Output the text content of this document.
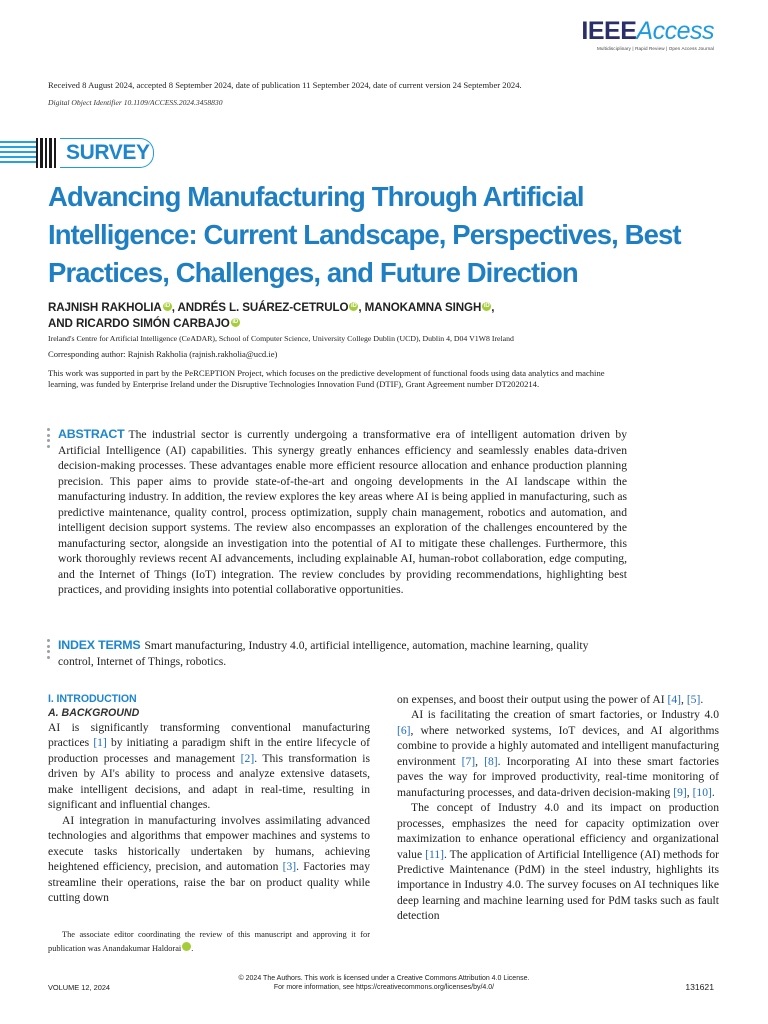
IEEEAccess
Multidisciplinary | Rapid Review | Open Access Journal
Received 8 August 2024, accepted 8 September 2024, date of publication 11 September 2024, date of current version 24 September 2024.
Digital Object Identifier 10.1109/ACCESS.2024.3458830
SURVEY
Advancing Manufacturing Through Artificial Intelligence: Current Landscape, Perspectives, Best Practices, Challenges, and Future Direction
RAJNISH RAKHOLIA iD , ANDRÉS L. SUÁREZ-CETRULO iD , MANOKAMNA SINGH iD ,
AND RICARDO SIMÓN CARBAJO iD
Ireland's Centre for Artificial Intelligence (CeADAR), School of Computer Science, University College Dublin (UCD), Dublin 4, D04 V1W8 Ireland
Corresponding author: Rajnish Rakholia (rajnish.rakholia@ucd.ie)
This work was supported in part by the PeRCEPTION Project, which focuses on the predictive development of functional foods using data analytics and machine learning, was funded by Enterprise Ireland under the Disruptive Technologies Innovation Fund (DTIF), Grant Agreement number DT2020214.
ABSTRACT The industrial sector is currently undergoing a transformative era of intelligent automation driven by Artificial Intelligence (AI) capabilities. This synergy greatly enhances efficiency and seamlessly enables data-driven decision-making processes. These advantages enable more efficient resource allocation and enhance production planning precision. This paper aims to provide state-of-the-art and ongoing developments in the AI landscape within the manufacturing industry. In addition, the review explores the key areas where AI is being applied in manufacturing, such as predictive maintenance, quality control, process optimization, supply chain management, robotics and automation, and intelligent decision support systems. The review also encompasses an exploration of the challenges encountered by the manufacturing sector, alongside an investigation into the potential of AI to mitigate these challenges. Furthermore, this work thoroughly reviews recent AI advancements, including explainable AI, human-robot collaboration, edge computing, and the Internet of Things (IoT) integration. The review concludes by providing recommendations, highlighting best practices, and providing insights into potential collaborative opportunities.
INDEX TERMS Smart manufacturing, Industry 4.0, artificial intelligence, automation, machine learning, quality control, Internet of Things, robotics.
I. INTRODUCTION
A. BACKGROUND

AI is significantly transforming conventional manufacturing practices [1] by initiating a paradigm shift in the entire lifecycle of production processes and management [2]. This transformation is driven by AI's ability to process and analyze extensive datasets, make intelligent decisions, and adapt in real-time, resulting in significant and influential changes.

AI integration in manufacturing involves assimilating advanced technologies and algorithms that empower machines and systems to execute tasks historically undertaken by humans, achieving heightened efficiency, precision, and automation [3]. Factories may streamline their operations, raise the bar on product quality while cutting down

on expenses, and boost their output using the power of AI [4], [5].

AI is facilitating the creation of smart factories, or Industry 4.0 [6], where networked systems, IoT devices, and AI algorithms combine to provide a highly automated and intelligent manufacturing environment [7], [8]. Incorporating AI into these smart factories paves the way for improved productivity, real-time monitoring of manufacturing processes, and data-driven decision-making [9], [10].

The concept of Industry 4.0 and its impact on production processes, emphasizes the need for capacity optimization over maximization to enhance operational efficiency and organizational value [11]. The application of Artificial Intelligence (AI) methods for Predictive Maintenance (PdM) in the steel industry, highlights its importance in Industry 4.0. The survey focuses on AI techniques like deep learning and machine learning used for PdM tasks such as fault detection

The associate editor coordinating the review of this manuscript and approving it for publication was Anandakumar Haldorai	iD.

© 2024 The Authors. This work is licensed under a Creative Commons Attribution 4.0 License.
For more information, see https://creativecommons.org/licenses/by/4.0/
VOLUME 12, 2024	131621
